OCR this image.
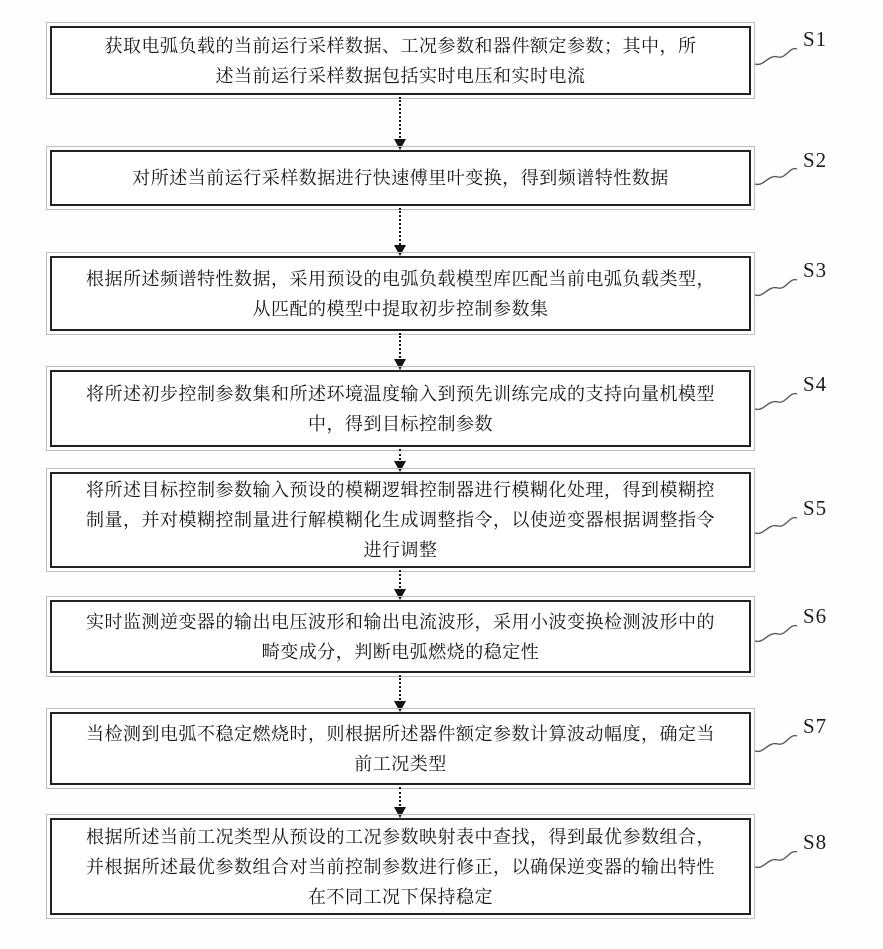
获取电弧负载的当前运行采样数据、工况参数和器件额定参数；其中，所
述当前运行采样数据包括实时电压和实时电流
S1
对所述当前运行采样数据进行快速傅里叶变换，得到频谱特性数据
S2
根据所述频谱特性数据，采用预设的电弧负载模型库匹配当前电弧负载类型，
从匹配的模型中提取初步控制参数集
S3
将所述初步控制参数集和所述环境温度输入到预先训练完成的支持向量机模型
中，得到目标控制参数
S4
将所述目标控制参数输入预设的模糊逻辑控制器进行模糊化处理，得到模糊控
制量，并对模糊控制量进行解模糊化生成调整指令，以使逆变器根据调整指令
进行调整
S5
实时监测逆变器的输出电压波形和输出电流波形，采用小波变换检测波形中的
畸变成分，判断电弧燃烧的稳定性
S6
当检测到电弧不稳定燃烧时，则根据所述器件额定参数计算波动幅度，确定当
前工况类型
S7
根据所述当前工况类型从预设的工况参数映射表中查找，得到最优参数组合，
并根据所述最优参数组合对当前控制参数进行修正，以确保逆变器的输出特性
在不同工况下保持稳定
S8
